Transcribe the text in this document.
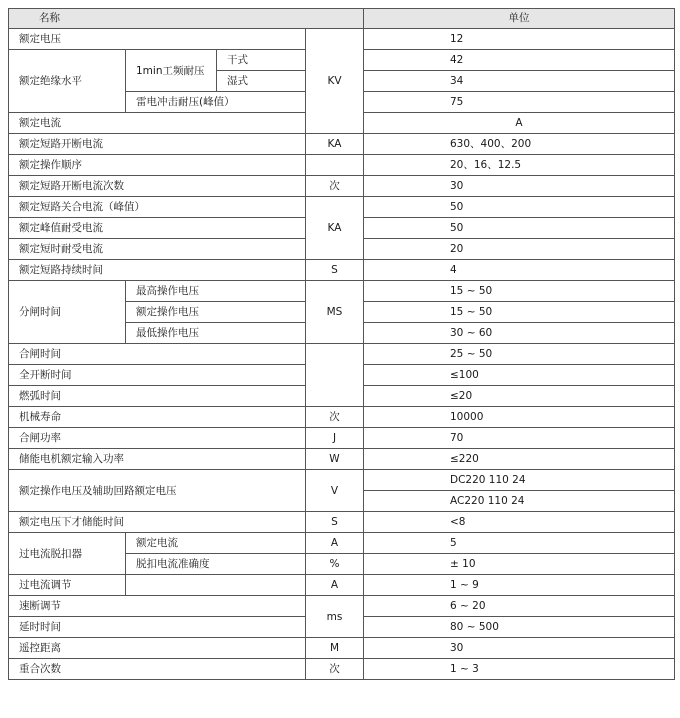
名称				单位	
额定电压			KV	12	
额定绝缘水平	1min工频耐压	干式		42	
		湿式		34	
	雷电冲击耐压(峰值）			75	
额定电流				A	
额定短路开断电流			KA	630、400、200	
额定操作顺序				20、16、12.5	
额定短路开断电流次数			次	30	
额定短路关合电流（峰值）			KA	50	
额定峰值耐受电流				50	
额定短时耐受电流				20	
额定短路持续时间			S	4	
分闸时间	最高操作电压		MS	15 ~ 50	
	额定操作电压			15 ~ 50	
	最低操作电压			30 ~ 60	
合闸时间				25 ~ 50	
全开断时间				≤100	
燃弧时间				≤20	
机械寿命			次	10000	
合闸功率			J	70	
储能电机额定输入功率			W	≤220	
额定操作电压及辅助回路额定电压			V	DC220 110 24	
				AC220 110 24	
额定电压下才储能时间			S	<8	
过电流脱扣器	额定电流		A	5	
	脱扣电流准确度		%	± 10	
过电流调节			A	1 ~ 9	
速断调节			ms	6 ~ 20	
延时时间				80 ~ 500	
遥控距离			M	30	
重合次数			次	1 ~ 3	
